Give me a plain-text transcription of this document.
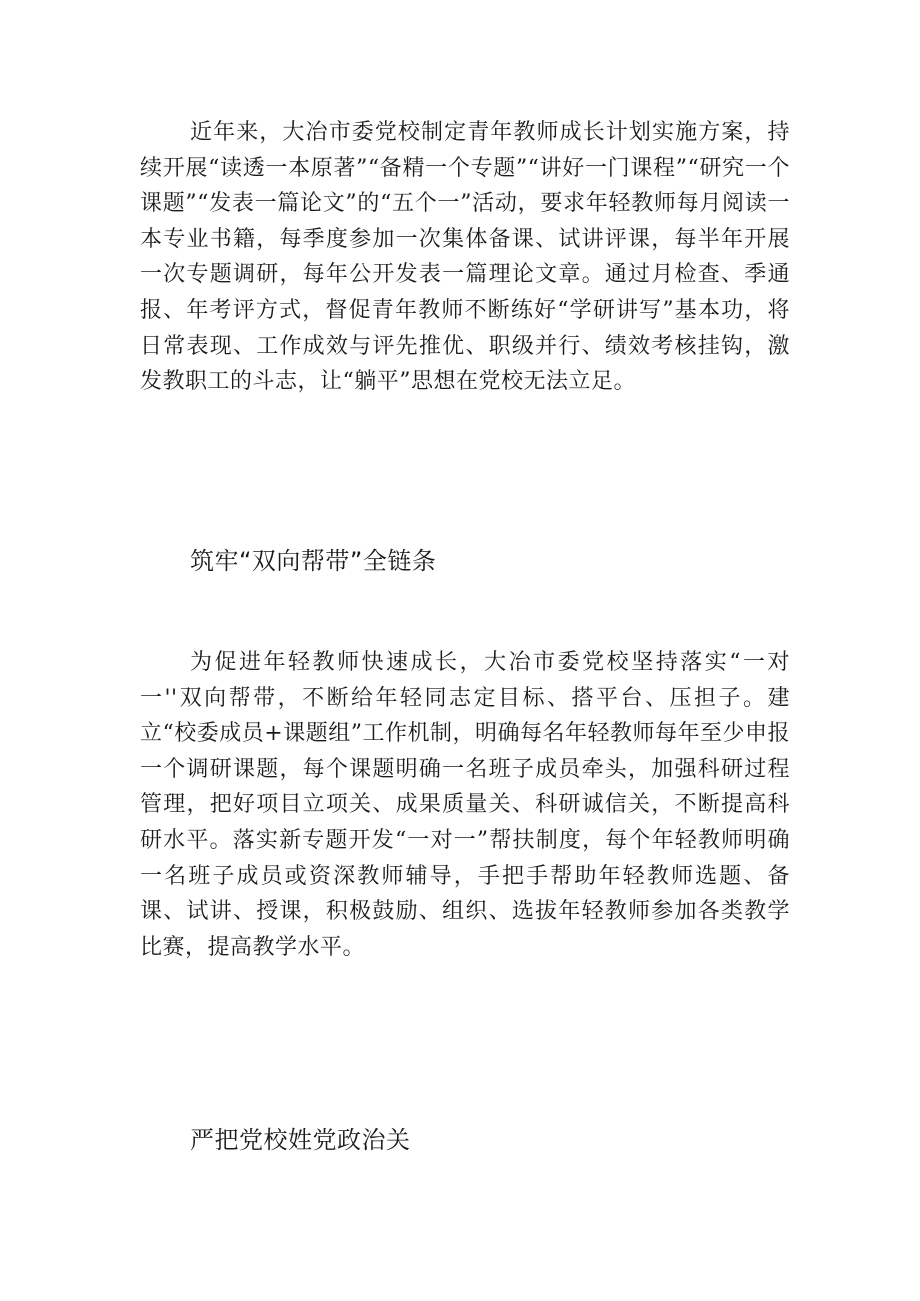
近年来，大冶市委党校制定青年教师成长计划实施方案，持续开展“读透一本原著”“备精一个专题”“讲好一门课程”“研究一个课题”“发表一篇论文”的“五个一”活动，要求年轻教师每月阅读一本专业书籍，每季度参加一次集体备课、试讲评课，每半年开展一次专题调研，每年公开发表一篇理论文章。通过月检查、季通报、年考评方式，督促青年教师不断练好“学研讲写”基本功，将日常表现、工作成效与评先推优、职级并行、绩效考核挂钩，激发教职工的斗志，让“躺平”思想在党校无法立足。

筑牢“双向帮带”全链条

为促进年轻教师快速成长，大冶市委党校坚持落实“一对一''双向帮带，不断给年轻同志定目标、搭平台、压担子。建立“校委成员+课题组”工作机制，明确每名年轻教师每年至少申报一个调研课题，每个课题明确一名班子成员牵头，加强科研过程管理，把好项目立项关、成果质量关、科研诚信关，不断提高科研水平。落实新专题开发“一对一”帮扶制度，每个年轻教师明确一名班子成员或资深教师辅导，手把手帮助年轻教师选题、备课、试讲、授课，积极鼓励、组织、选拔年轻教师参加各类教学比赛，提高教学水平。

严把党校姓党政治关
